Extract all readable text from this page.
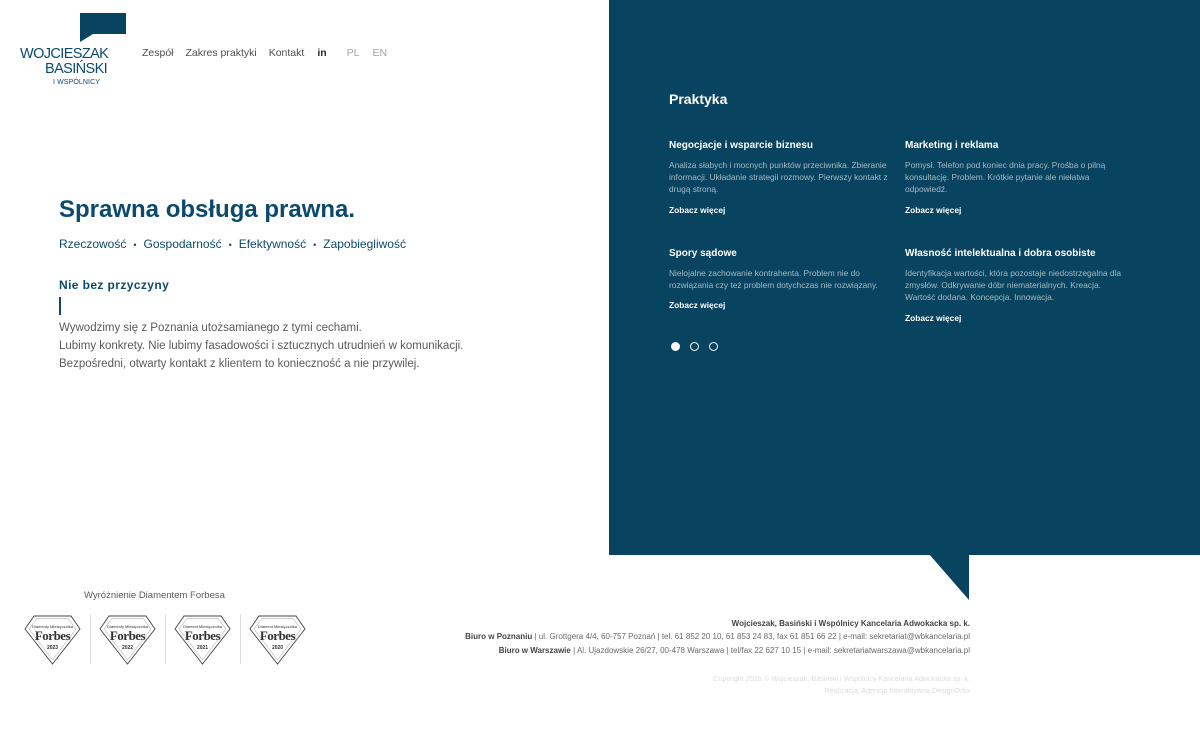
WOJCIESZAK
BASIŃSKI
I WSPÓLNICY
Zespół Zakres praktyki Kontakt in PL EN
Sprawna obsługa prawna.
Rzeczowość • Gospodarność • Efektywność • Zapobiegliwość
Nie bez przyczyny
Wywodzimy się z Poznania utożsamianego z tymi cechami.
Lubimy konkrety. Nie lubimy fasadowości i sztucznych utrudnień w komunikacji.
Bezpośredni, otwarty kontakt z klientem to konieczność a nie przywilej.
Praktyka
Negocjacje i wsparcie biznesu
Analiza słabych i mocnych punktów przeciwnika. Zbieranie informacji. Układanie strategii rozmowy. Pierwszy kontakt z drugą stroną.
Zobacz więcej
Marketing i reklama
Pomysł. Telefon pod koniec dnia pracy. Prośba o pilną konsultację. Problem. Krótkie pytanie ale niełatwa odpowiedź.
Zobacz więcej
Spory sądowe
Nielojalne zachowanie kontrahenta. Problem nie do rozwiązania czy też problem dotychczas nie rozwiązany.
Zobacz więcej
Własność intelektualna i dobra osobiste
Identyfikacja wartości, która pozostaje niedostrzegalna dla zmysłów. Odkrywanie dóbr niematerialnych. Kreacja. Wartość dodana. Koncepcja. Innowacja.
Zobacz więcej
Wyróżnienie Diamentem Forbesa
Diamenty Miesięcznika
Forbes
2023
Diamenty Miesięcznika
Forbes
2022
Diament Miesięcznika
Forbes
2021
Diament Miesięcznika
Forbes
2020
Wojcieszak, Basiński i Wspólnicy Kancelaria Adwokacka sp. k.
Biuro w Poznaniu | ul. Grottgera 4/4, 60-757 Poznań | tel. 61 852 20 10, 61 853 24 83, fax 61 851 66 22 | e-mail: sekretariat@wbkancelaria.pl
Biuro w Warszawie | Al. Ujazdowskie 26/27, 00-478 Warszawa | tel/fax 22 627 10 15 | e-mail: sekretariatwarszawa@wbkancelaria.pl
Copyright 2025 © Wojcieszak, Basiński i Wspólnicy Kancelaria Adwokacka sp. k.
Realizacja: Agencja Interaktywna DesignOrka
